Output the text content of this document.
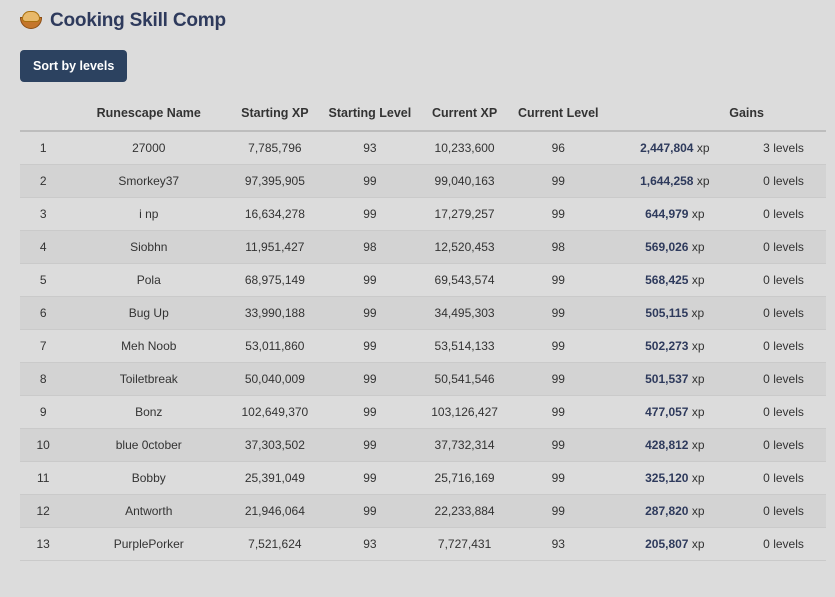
Cooking Skill Comp
Sort by levels
	Runescape Name	Starting XP	Starting Level	Current XP	Current Level	Gains	
1	27000	7,785,796	93	10,233,600	96	2,447,804 xp	3 levels
2	Smorkey37	97,395,905	99	99,040,163	99	1,644,258 xp	0 levels
3	i np	16,634,278	99	17,279,257	99	644,979 xp	0 levels
4	Siobhn	11,951,427	98	12,520,453	98	569,026 xp	0 levels
5	Pola	68,975,149	99	69,543,574	99	568,425 xp	0 levels
6	Bug Up	33,990,188	99	34,495,303	99	505,115 xp	0 levels
7	Meh Noob	53,011,860	99	53,514,133	99	502,273 xp	0 levels
8	Toiletbreak	50,040,009	99	50,541,546	99	501,537 xp	0 levels
9	Bonz	102,649,370	99	103,126,427	99	477,057 xp	0 levels
10	blue 0ctober	37,303,502	99	37,732,314	99	428,812 xp	0 levels
11	Bobby	25,391,049	99	25,716,169	99	325,120 xp	0 levels
12	Antworth	21,946,064	99	22,233,884	99	287,820 xp	0 levels
13	PurplePorker	7,521,624	93	7,727,431	93	205,807 xp	0 levels
